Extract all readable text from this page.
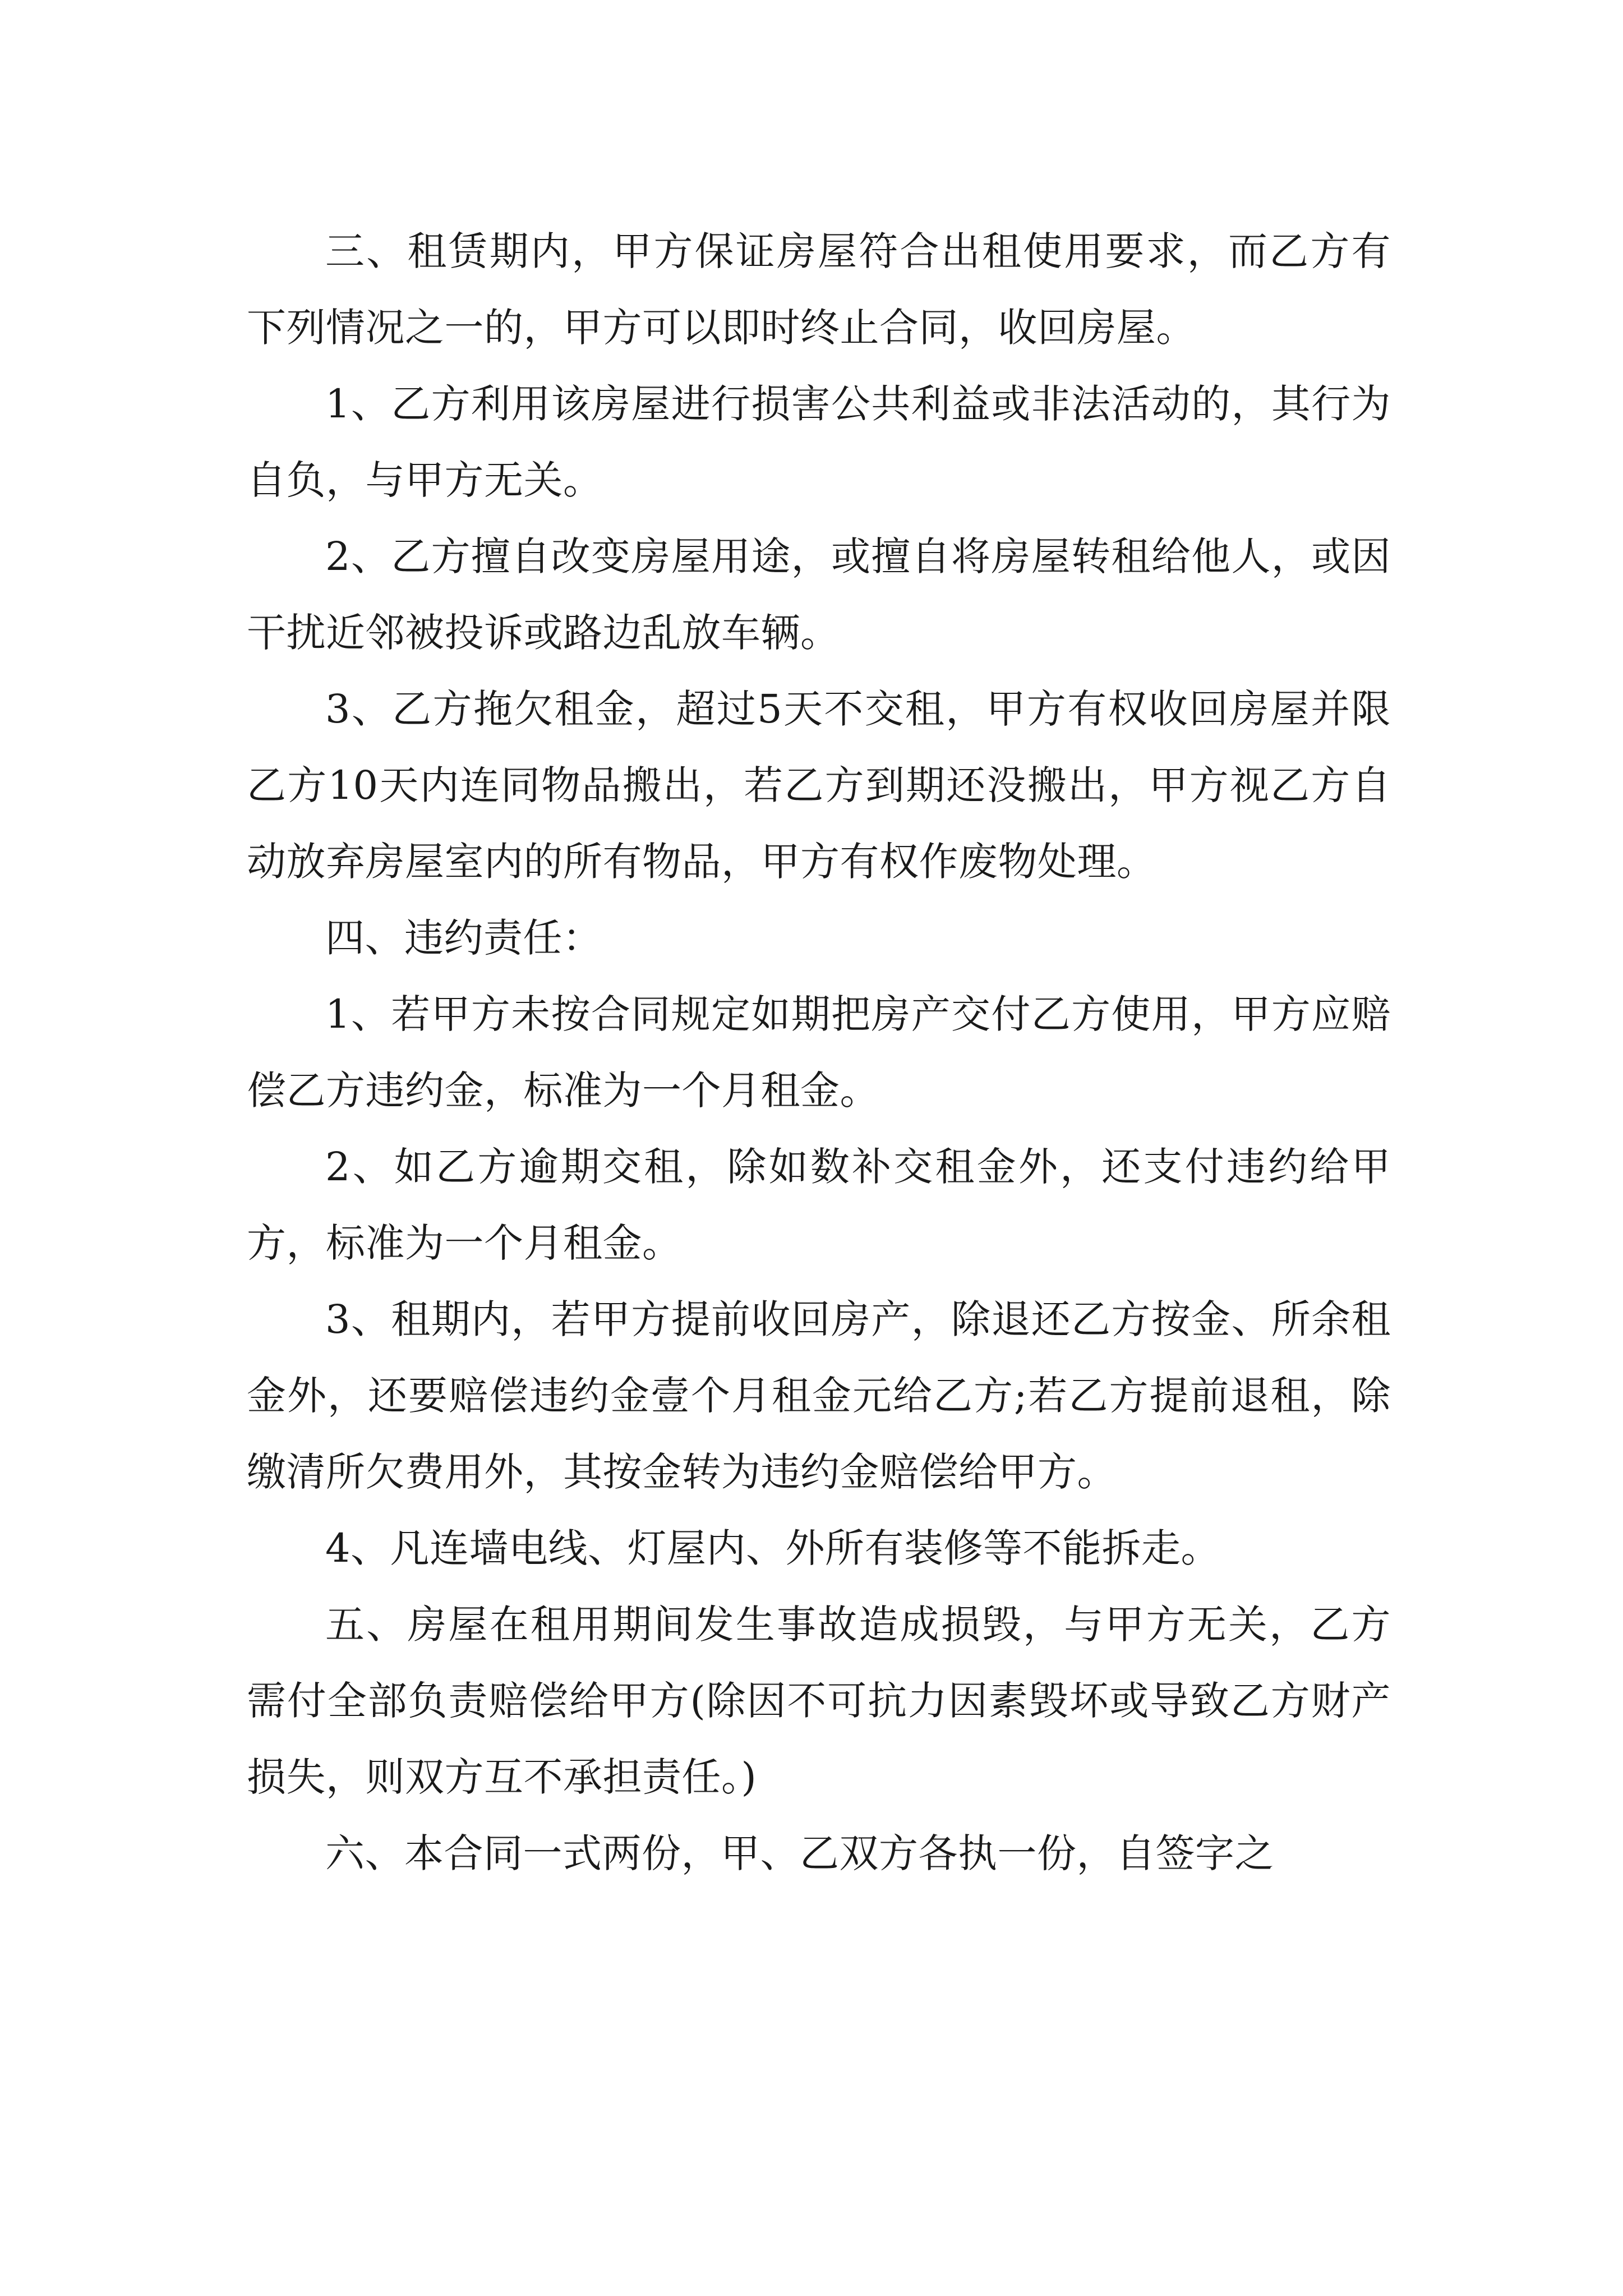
三、租赁期内，甲方保证房屋符合出租使用要求，而乙方有下列情况之一的，甲方可以即时终止合同，收回房屋。

1、乙方利用该房屋进行损害公共利益或非法活动的，其行为自负，与甲方无关。

2、乙方擅自改变房屋用途，或擅自将房屋转租给他人，或因干扰近邻被投诉或路边乱放车辆。

3、乙方拖欠租金，超过5天不交租，甲方有权收回房屋并限乙方10天内连同物品搬出，若乙方到期还没搬出，甲方视乙方自动放弃房屋室内的所有物品，甲方有权作废物处理。

四、违约责任：

1、若甲方未按合同规定如期把房产交付乙方使用，甲方应赔偿乙方违约金，标准为一个月租金。

2、如乙方逾期交租，除如数补交租金外，还支付违约给甲方，标准为一个月租金。

3、租期内，若甲方提前收回房产，除退还乙方按金、所余租金外，还要赔偿违约金壹个月租金元给乙方;若乙方提前退租，除缴清所欠费用外，其按金转为违约金赔偿给甲方。

4、凡连墙电线、灯屋内、外所有装修等不能拆走。

五、房屋在租用期间发生事故造成损毁，与甲方无关，乙方需付全部负责赔偿给甲方(除因不可抗力因素毁坏或导致乙方财产损失，则双方互不承担责任。)

六、本合同一式两份，甲、乙双方各执一份，自签字之
